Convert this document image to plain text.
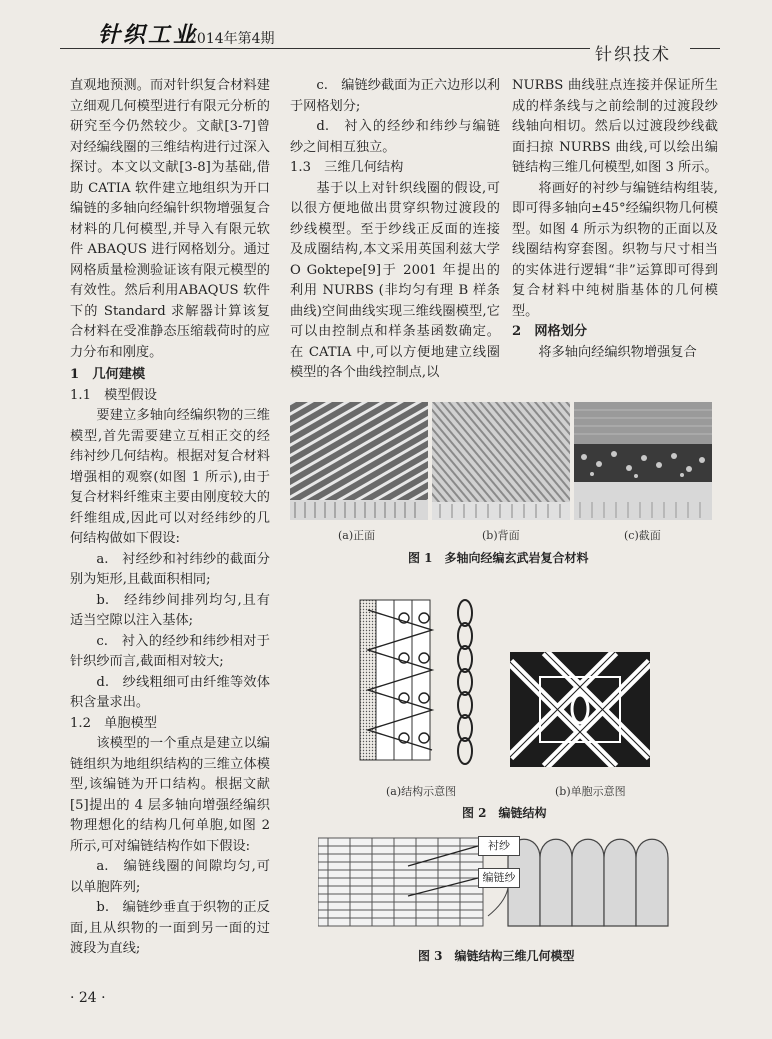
针织工业
2014年第4期
针织技术

直观地预测。而对针织复合材料建立细观几何模型进行有限元分析的研究至今仍然较少。文献[3-7]曾对经编线圈的三维结构进行过深入探讨。本文以文献[3-8]为基础,借助 CATIA 软件建立地组织为开口编链的多轴向经编针织物增强复合材料的几何模型,并导入有限元软件 ABAQUS 进行网格划分。通过网格质量检测验证该有限元模型的有效性。然后利用ABAQUS 软件下的 Standard 求解器计算该复合材料在受准静态压缩载荷时的应力分布和刚度。

1　几何建模

1.1　模型假设

要建立多轴向经编织物的三维模型,首先需要建立互相正交的经纬衬纱几何结构。根据对复合材料增强相的观察(如图 1 所示),由于复合材料纤维束主要由刚度较大的纤维组成,因此可以对经纬纱的几何结构做如下假设:

a.　衬经纱和衬纬纱的截面分别为矩形,且截面积相同;

b.　经纬纱间排列均匀,且有适当空隙以注入基体;

c.　衬入的经纱和纬纱相对于针织纱而言,截面相对较大;

d.　纱线粗细可由纤维等效体积含量求出。

1.2　单胞模型

该模型的一个重点是建立以编链组织为地组织结构的三维立体模型,该编链为开口结构。根据文献[5]提出的 4 层多轴向增强经编织物理想化的结构几何单胞,如图 2 所示,可对编链结构作如下假设:

a.　编链线圈的间隙均匀,可以单胞阵列;

b.　编链纱垂直于织物的正反面,且从织物的一面到另一面的过渡段为直线;

c.　编链纱截面为正六边形以利于网格划分;

d.　衬入的经纱和纬纱与编链纱之间相互独立。

1.3　三维几何结构

基于以上对针织线圈的假设,可以很方便地做出贯穿织物过渡段的纱线模型。至于纱线正反面的连接及成圈结构,本文采用英国利兹大学 O Goktepe[9]于 2001 年提出的利用 NURBS (非均匀有理 B 样条曲线)空间曲线实现三维线圈模型,它可以由控制点和样条基函数确定。在 CATIA 中,可以方便地建立线圈模型的各个曲线控制点,以

NURBS 曲线驻点连接并保证所生成的样条线与之前绘制的过渡段纱线轴向相切。然后以过渡段纱线截面扫掠 NURBS 曲线,可以绘出编链结构三维几何模型,如图 3 所示。

将画好的衬纱与编链结构组装,即可得多轴向±45°经编织物几何模型。如图 4 所示为织物的正面以及线圈结构穿套图。织物与尺寸相当的实体进行逻辑“非”运算即可得到复合材料中纯树脂基体的几何模型。

2　网格划分

将多轴向经编织物增强复合

(a)正面	(b)背面	(c)截面
图 1　多轴向经编玄武岩复合材料
(a)结构示意图	(b)单胞示意图
图 2　编链结构
衬纱
编链纱
图 3　编链结构三维几何模型
· 24 ·
